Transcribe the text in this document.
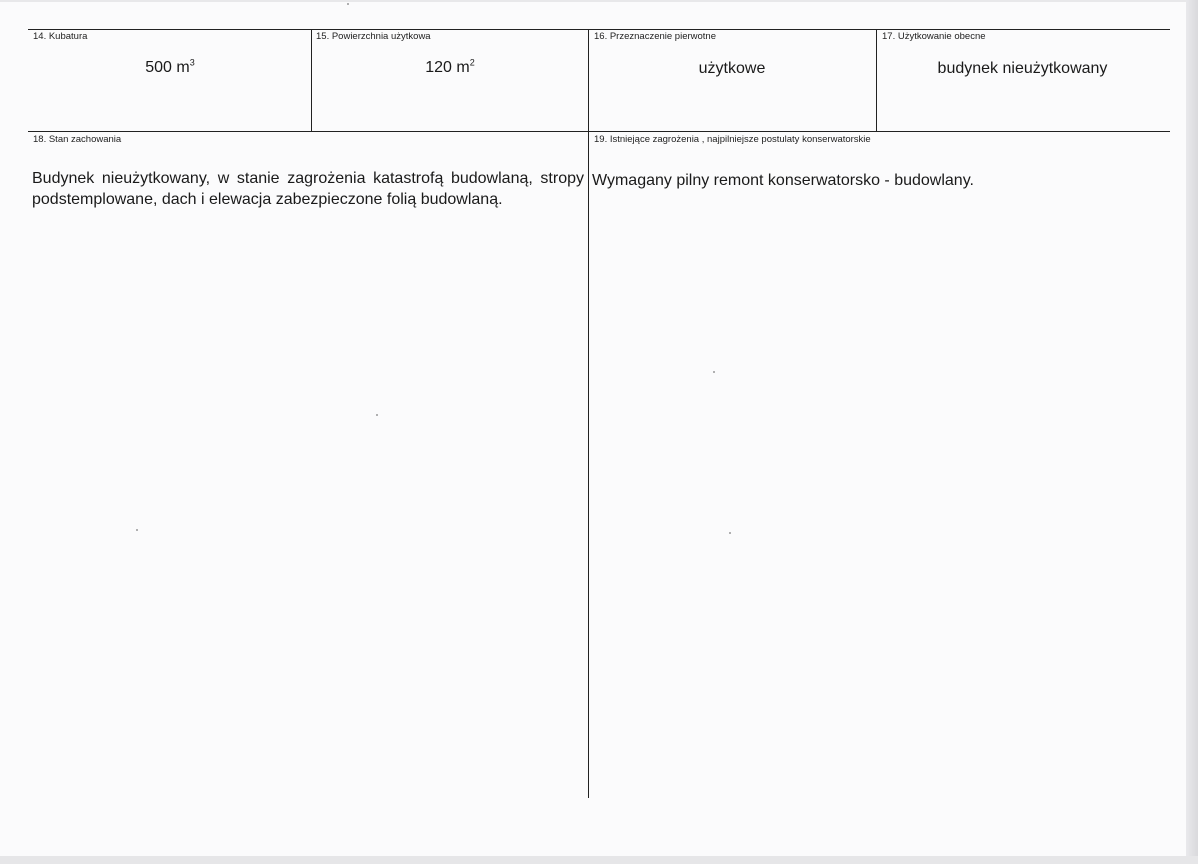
14. Kubatura
500 $m^3$
15. Powierzchnia użytkowa
120 $m^2$
16. Przeznaczenie pierwotne
użytkowe
17. Użytkowanie obecne
budynek nieużytkowany
18. Stan zachowania
Budynek nieużytkowany, w stanie zagrożenia katastrofą budowlaną, stropy podstemplowane, dach i elewacja zabezpieczone folią budowlaną.
19. Istniejące zagrożenia , najpilniejsze postulaty konserwatorskie
Wymagany pilny remont konserwatorsko - budowlany.
